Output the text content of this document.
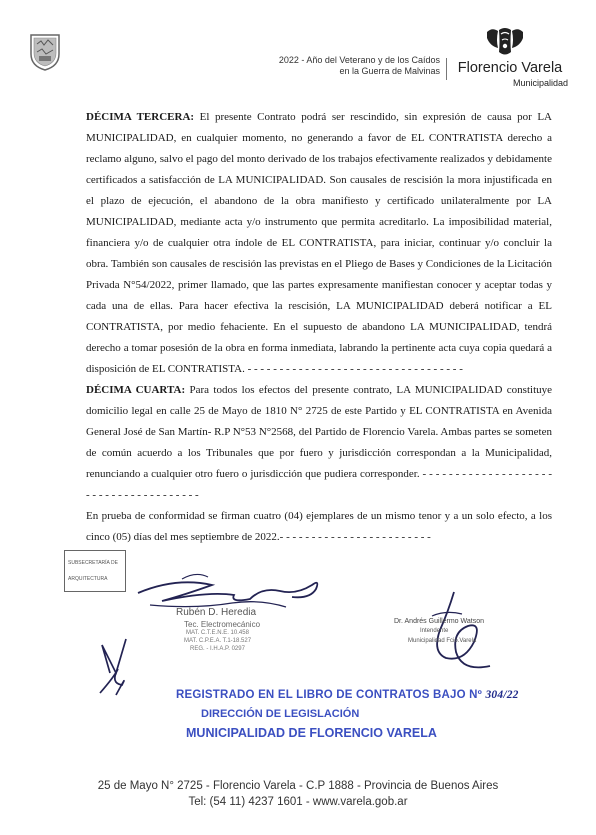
2022 - Año del Veterano y de los Caídos
en la Guerra de Malvinas	Florencio Varela
Municipalidad

DÉCIMA TERCERA: El presente Contrato podrá ser rescindido, sin expresión de causa por LA MUNICIPALIDAD, en cualquier momento, no generando a favor de EL CONTRATISTA derecho a reclamo alguno, salvo el pago del monto derivado de los trabajos efectivamente realizados y debidamente certificados a satisfacción de LA MUNICIPALIDAD. Son causales de rescisión la mora injustificada en el plazo de ejecución, el abandono de la obra manifiesto y certificado unilateralmente por LA MUNICIPALIDAD, mediante acta y/o instrumento que permita acreditarlo. La imposibilidad material, financiera y/o de cualquier otra índole de EL CONTRATISTA, para iniciar, continuar y/o concluir la obra. También son causales de rescisión las previstas en el Pliego de Bases y Condiciones de la Licitación Privada N°54/2022, primer llamado, que las partes expresamente manifiestan conocer y aceptar todas y cada una de ellas. Para hacer efectiva la rescisión, LA MUNICIPALIDAD deberá notificar a EL CONTRATISTA, por medio fehaciente. En el supuesto de abandono LA MUNICIPALIDAD, tendrá derecho a tomar posesión de la obra en forma inmediata, labrando la pertinente acta cuya copia quedará a disposición de EL CONTRATISTA. - - - - - - - - - - - - - - - - - - - - - - - - - - - - - - - - - -

DÉCIMA CUARTA: Para todos los efectos del presente contrato, LA MUNICIPALIDAD constituye domicilio legal en calle 25 de Mayo de 1810 N° 2725 de este Partido y EL CONTRATISTA en Avenida General José de San Martín- R.P N°53 N°2568, del Partido de Florencio Varela. Ambas partes se someten de común acuerdo a los Tribunales que por fuero y jurisdicción correspondan a la Municipalidad, renunciando a cualquier otro fuero o jurisdicción que pudiera corresponder. - - - - - - - - - - - - - - - - - - - - - - - - - - - - - - - - - - - - - -

En prueba de conformidad se firman cuatro (04) ejemplares de un mismo tenor y a un solo efecto, a los cinco (05) días del mes septiembre de 2022.- - - - - - - - - - - - - - - - - - - - - - - -

SUBSECRETARÍA DE
ARQUITECTURA
Rubén D. Heredia
Tec. Electromecánico
MAT. C.T.E.N.E. 10.458
MAT. C.P.E.A. T.1-18.527
REG. - I.H.A.P. 0297
Dr. Andrés Guillermo Watson
Intendente
Municipalidad Fcio.Varela
REGISTRADO EN EL LIBRO DE CONTRATOS BAJO Nº 304/22
DIRECCIÓN DE LEGISLACIÓN
MUNICIPALIDAD DE FLORENCIO VARELA
25 de Mayo N° 2725 - Florencio Varela - C.P 1888 - Provincia de Buenos Aires
Tel: (54 11) 4237 1601 - www.varela.gob.ar
